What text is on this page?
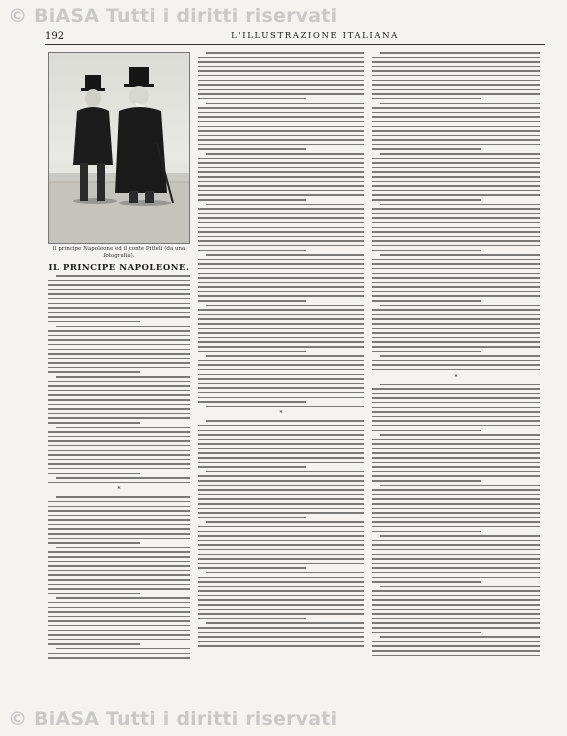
© BiASA Tutti i diritti riservati
192	L'ILLUSTRAZIONE ITALIANA
Il principe Napoleone ed il conte Pitteli (da una fotografia).
IL PRINCIPE NAPOLEONE.
*
*
*
© BiASA Tutti i diritti riservati
